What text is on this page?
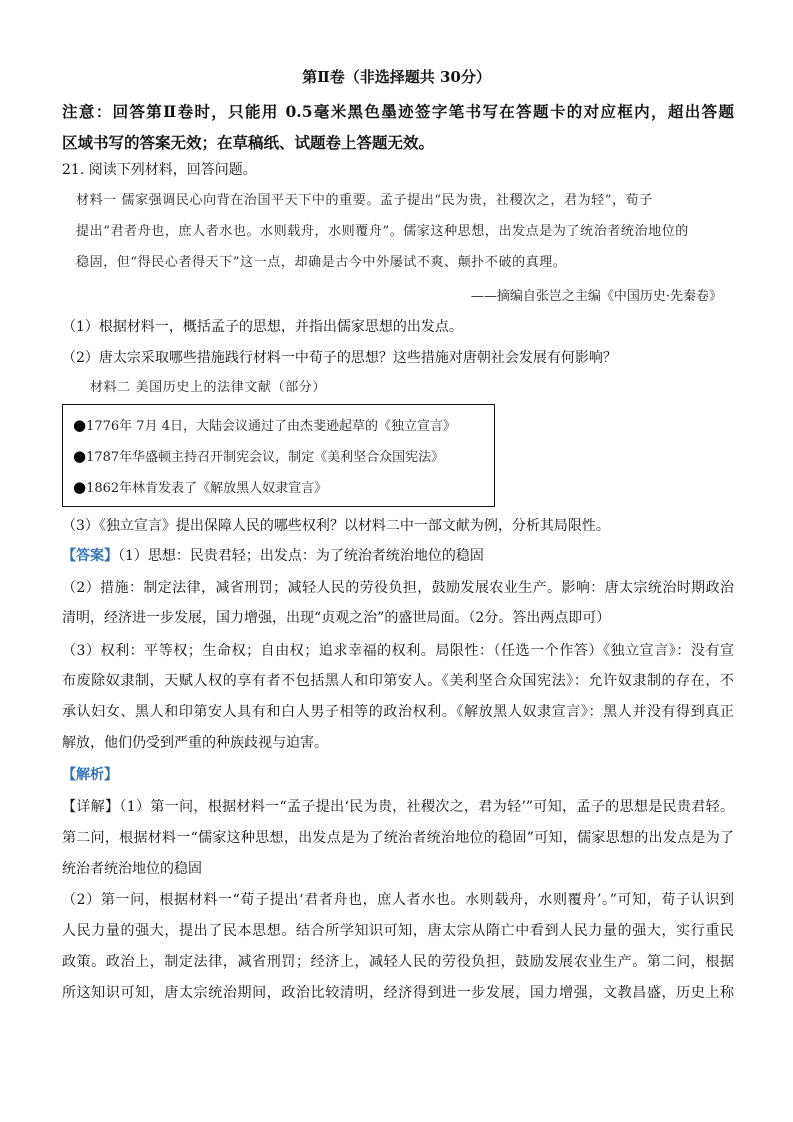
第Ⅱ卷（非选择题共 30分）
注意：回答第Ⅱ卷时，只能用 0.5毫米黑色墨迹签字笔书写在答题卡的对应框内，超出答题
区域书写的答案无效；在草稿纸、试题卷上答题无效。
21. 阅读下列材料，回答问题。
材料一 儒家强调民心向背在治国平天下中的重要。孟子提出“民为贵，社稷次之，君为轻”，荀子
提出“君者舟也，庶人者水也。水则载舟，水则覆舟”。儒家这种思想，出发点是为了统治者统治地位的
稳固，但“得民心者得天下”这一点，却确是古今中外屡试不爽、颠扑不破的真理。
——摘编自张岂之主编《中国历史·先秦卷》
（1）根据材料一，概括孟子的思想，并指出儒家思想的出发点。
（2）唐太宗采取哪些措施践行材料一中荀子的思想？这些措施对唐朝社会发展有何影响？
材料二 美国历史上的法律文献（部分）
●1776年 7月 4日，大陆会议通过了由杰斐逊起草的《独立宣言》
●1787年华盛顿主持召开制宪会议，制定《美利坚合众国宪法》
●1862年林肯发表了《解放黑人奴隶宣言》
（3）《独立宣言》提出保障人民的哪些权利？以材料二中一部文献为例，分析其局限性。
【答案】（1）思想：民贵君轻；出发点：为了统治者统治地位的稳固
（2）措施：制定法律，减省刑罚；减轻人民的劳役负担，鼓励发展农业生产。影响：唐太宗统治时期政治
清明，经济进一步发展，国力增强，出现“贞观之治”的盛世局面。（2分。答出两点即可）
（3）权利：平等权；生命权；自由权；追求幸福的权利。局限性：（任选一个作答）《独立宣言》：没有宣
布废除奴隶制，天赋人权的享有者不包括黑人和印第安人。《美利坚合众国宪法》：允许奴隶制的存在，不
承认妇女、黑人和印第安人具有和白人男子相等的政治权利。《解放黑人奴隶宣言》：黑人并没有得到真正
解放，他们仍受到严重的种族歧视与迫害。
【解析】
【详解】（1）第一问，根据材料一“孟子提出‘民为贵，社稷次之，君为轻’”可知，孟子的思想是民贵君轻。
第二问，根据材料一“儒家这种思想，出发点是为了统治者统治地位的稳固”可知，儒家思想的出发点是为了
统治者统治地位的稳固
（2）第一问，根据材料一“荀子提出‘君者舟也，庶人者水也。水则载舟，水则覆舟’。”可知，荀子认识到
人民力量的强大，提出了民本思想。结合所学知识可知，唐太宗从隋亡中看到人民力量的强大，实行重民
政策。政治上，制定法律，减省刑罚；经济上，减轻人民的劳役负担，鼓励发展农业生产。第二问，根据
所这知识可知，唐太宗统治期间，政治比较清明，经济得到进一步发展，国力增强，文教昌盛，历史上称
